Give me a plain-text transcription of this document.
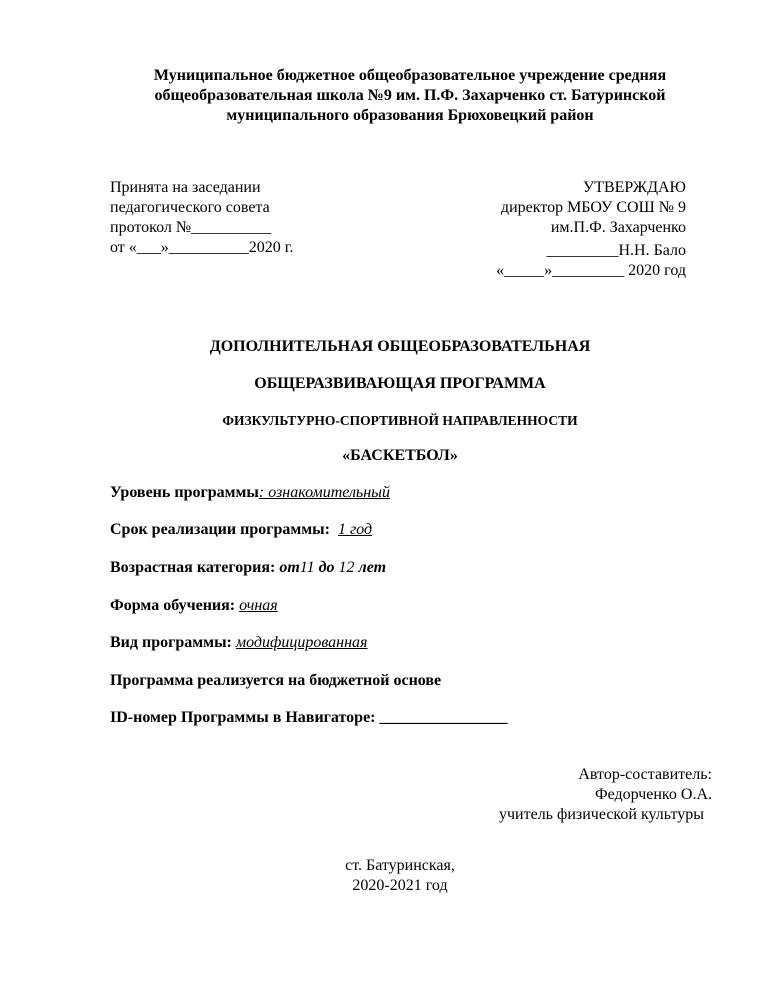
Муниципальное бюджетное общеобразовательное учреждение средняя
общеобразовательная школа №9 им. П.Ф. Захарченко ст. Батуринской
муниципального образования Брюховецкий район
Принята на заседании
педагогического совета
протокол №__________
от «___»__________2020 г.
УТВЕРЖДАЮ
директор МБОУ СОШ № 9
им.П.Ф. Захарченко
_________Н.Н. Бало
«_____»_________ 2020 год
ДОПОЛНИТЕЛЬНАЯ ОБЩЕОБРАЗОВАТЕЛЬНАЯ
ОБЩЕРАЗВИВАЮЩАЯ ПРОГРАММА
ФИЗКУЛЬТУРНО-СПОРТИВНОЙ НАПРАВЛЕННОСТИ
«БАСКЕТБОЛ»
Уровень программы: ознакомительный
Срок реализации программы: 1 год
Возрастная категория: от11 до 12 лет
Форма обучения: очная
Вид программы: модифицированная
Программа реализуется на бюджетной основе
ID-номер Программы в Навигаторе: ________________
Автор-составитель:
Федорченко О.А.
учитель физической культуры
ст. Батуринская,
2020-2021 год
